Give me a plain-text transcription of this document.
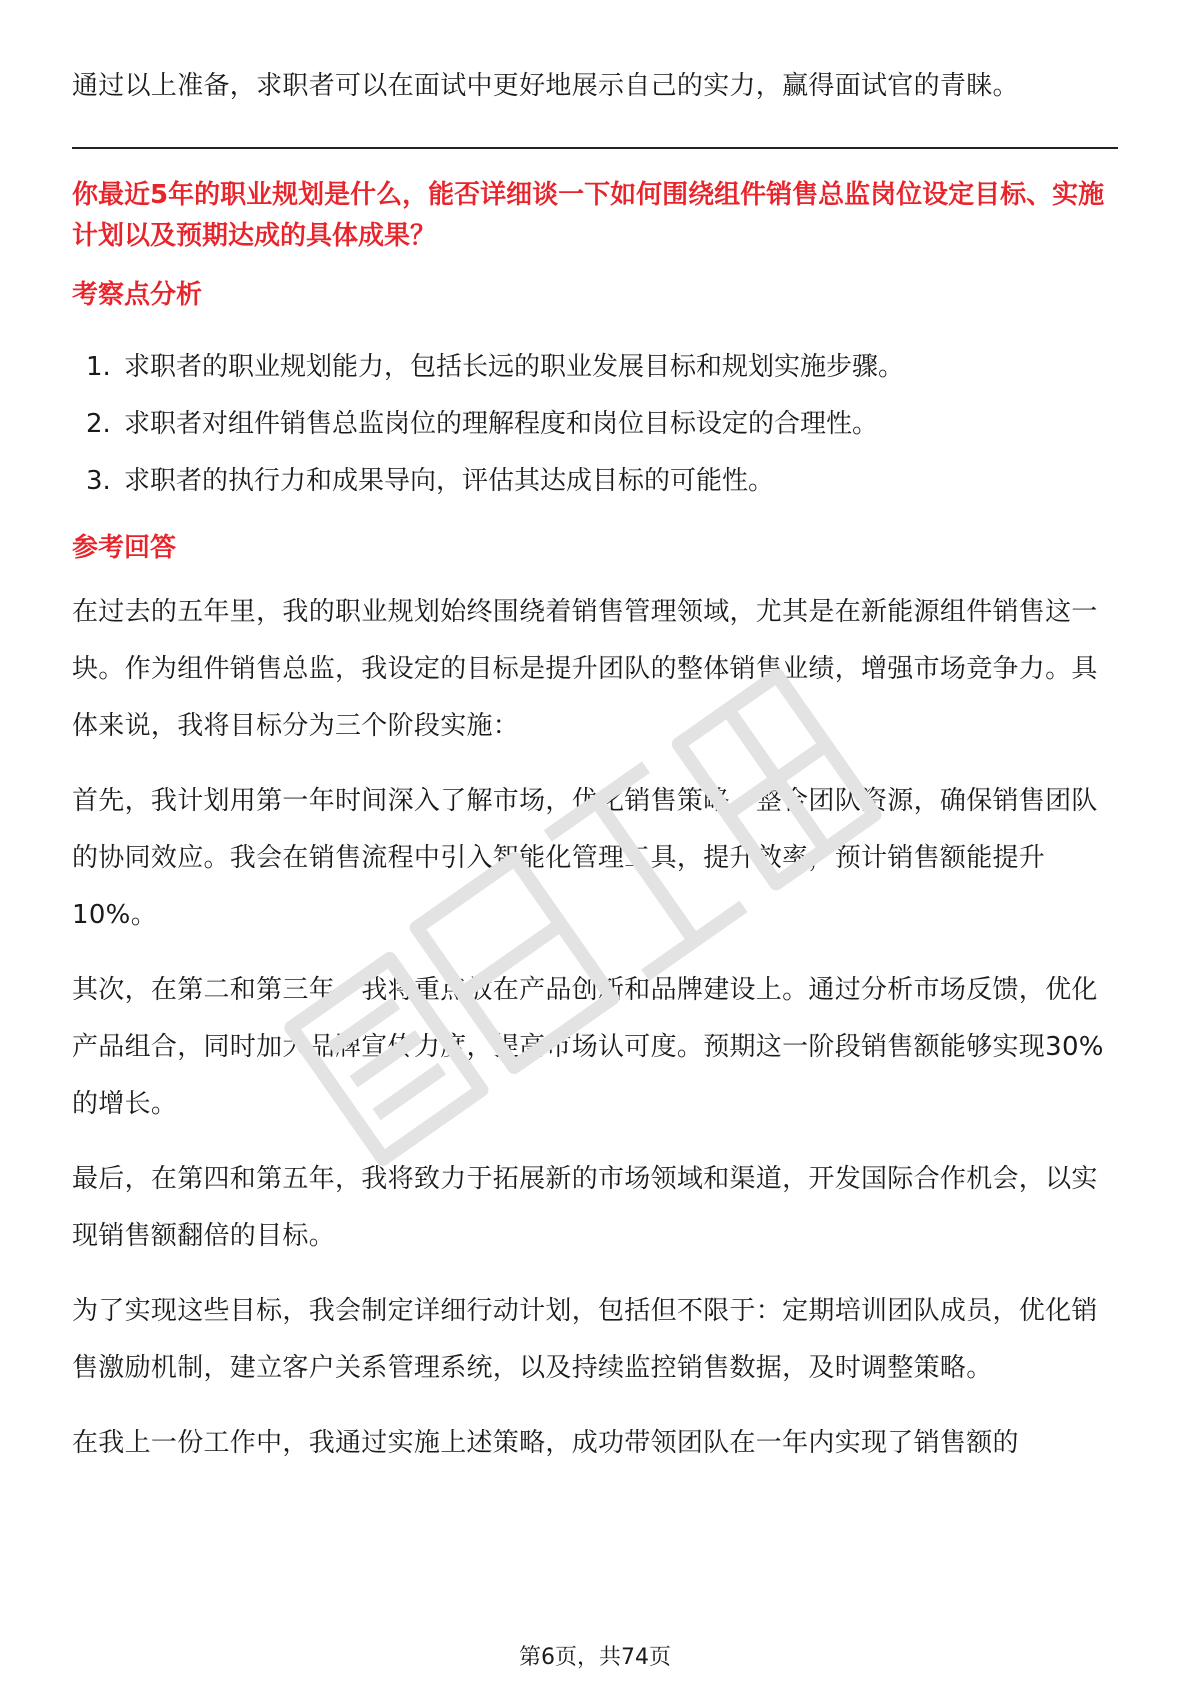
通过以上准备，求职者可以在面试中更好地展示自己的实力，赢得面试官的青睐。

你最近5年的职业规划是什么，能否详细谈一下如何围绕组件销售总监岗位设定目标、实施计划以及预期达成的具体成果？

考察点分析
1. 求职者的职业规划能力，包括长远的职业发展目标和规划实施步骤。
2. 求职者对组件销售总监岗位的理解程度和岗位目标设定的合理性。
3. 求职者的执行力和成果导向，评估其达成目标的可能性。
参考回答

在过去的五年里，我的职业规划始终围绕着销售管理领域，尤其是在新能源组件销售这一块。作为组件销售总监，我设定的目标是提升团队的整体销售业绩，增强市场竞争力。具体来说，我将目标分为三个阶段实施：

首先，我计划用第一年时间深入了解市场，优化销售策略，整合团队资源，确保销售团队的协同效应。我会在销售流程中引入智能化管理工具，提升效率，预计销售额能提升10%。

其次，在第二和第三年，我将重点放在产品创新和品牌建设上。通过分析市场反馈，优化产品组合，同时加大品牌宣传力度，提高市场认可度。预期这一阶段销售额能够实现30%的增长。

最后，在第四和第五年，我将致力于拓展新的市场领域和渠道，开发国际合作机会，以实现销售额翻倍的目标。

为了实现这些目标，我会制定详细行动计划，包括但不限于：定期培训团队成员，优化销售激励机制，建立客户关系管理系统，以及持续监控销售数据，及时调整策略。

在我上一份工作中，我通过实施上述策略，成功带领团队在一年内实现了销售额的

第6页，共74页
